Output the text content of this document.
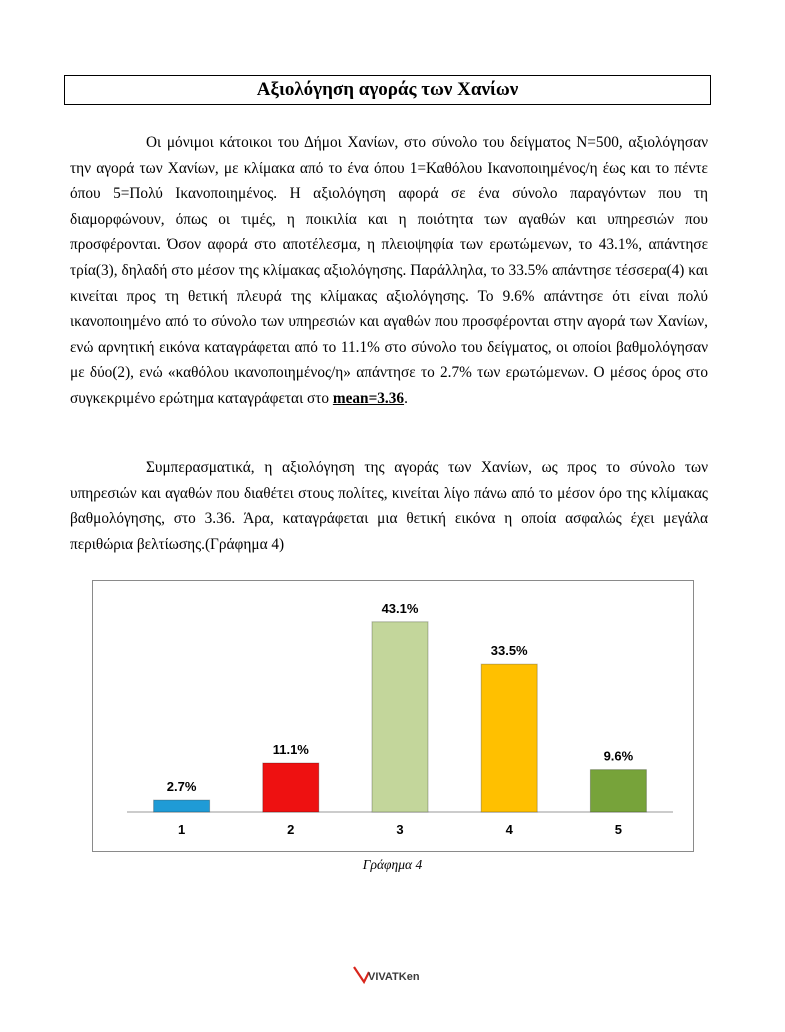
Αξιολόγηση αγοράς των Χανίων

Οι μόνιμοι κάτοικοι του Δήμοι Χανίων, στο σύνολο του δείγματος Ν=500, αξιολόγησαν την αγορά των Χανίων, με κλίμακα από το ένα όπου 1=Καθόλου Ικανοποιημένος/η έως και το πέντε όπου 5=Πολύ Ικανοποιημένος. Η αξιολόγηση αφορά σε ένα σύνολο παραγόντων που τη διαμορφώνουν, όπως οι τιμές, η ποικιλία και η ποιότητα των αγαθών και υπηρεσιών που προσφέρονται. Όσον αφορά στο αποτέλεσμα, η πλειοψηφία των ερωτώμενων, το 43.1%, απάντησε τρία(3), δηλαδή στο μέσον της κλίμακας αξιολόγησης. Παράλληλα, το 33.5% απάντησε τέσσερα(4) και κινείται προς τη θετική πλευρά της κλίμακας αξιολόγησης. Το 9.6% απάντησε ότι είναι πολύ ικανοποιημένο από το σύνολο των υπηρεσιών και αγαθών που προσφέρονται στην αγορά των Χανίων, ενώ αρνητική εικόνα καταγράφεται από το 11.1% στο σύνολο του δείγματος, οι οποίοι βαθμολόγησαν με δύο(2), ενώ «καθόλου ικανοποιημένος/η» απάντησε το 2.7% των ερωτώμενων. Ο μέσος όρος στο συγκεκριμένο ερώτημα καταγράφεται στο mean=3.36.

Συμπερασματικά, η αξιολόγηση της αγοράς των Χανίων, ως προς το σύνολο των υπηρεσιών και αγαθών που διαθέτει στους πολίτες, κινείται λίγο πάνω από το μέσον όρο της κλίμακας βαθμολόγησης, στο 3.36. Άρα, καταγράφεται μια θετική εικόνα η οποία ασφαλώς έχει μεγάλα περιθώρια βελτίωσης.(Γράφημα 4)

2.7%
1
11.1%
2
43.1%
3
33.5%
4
9.6%
5

Γράφημα 4

VIVATKen
